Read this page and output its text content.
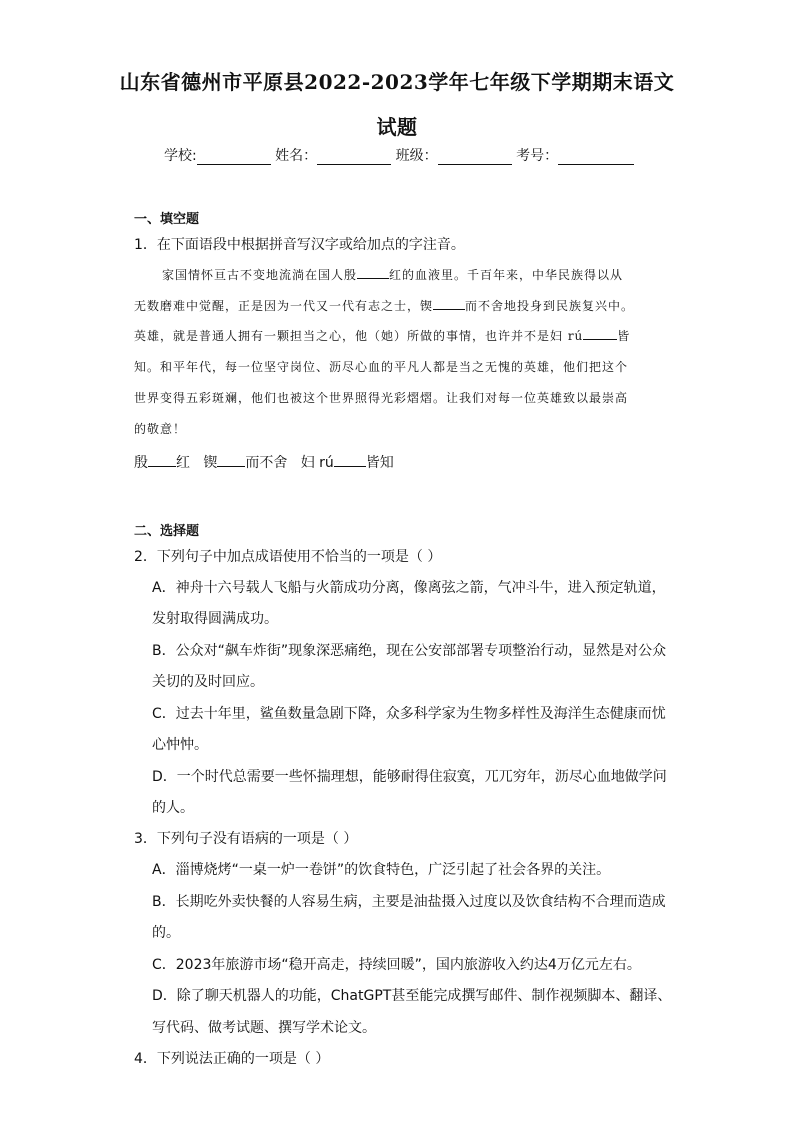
山东省德州市平原县2022-2023学年七年级下学期期末语文
试题
学校:	姓名：	班级：	考号：
一、填空题
1．在下面语段中根据拼音写汉字或给加点的字注音。
家国情怀亘古不变地流淌在国人殷	红的血液里。千百年来，中华民族得以从
无数磨难中觉醒，正是因为一代又一代有志之士，锲	而不舍地投身到民族复兴中。
英雄，就是普通人拥有一颗担当之心，他（她）所做的事情，也许并不是妇 rú	皆
知。和平年代，每一位坚守岗位、沥尽心血的平凡人都是当之无愧的英雄，他们把这个
世界变得五彩斑斓，他们也被这个世界照得光彩熠熠。让我们对每一位英雄致以最崇高
的敬意！
殷 红 锲 而不舍 妇 rú 皆知
二、选择题
2．下列句子中加点成语使用不恰当的一项是（ ）
A．神舟十六号载人飞船与火箭成功分离，像离弦之箭，气冲斗牛，进入预定轨道，
发射取得圆满成功。
B．公众对“飙车炸街”现象深恶痛绝，现在公安部部署专项整治行动，显然是对公众
关切的及时回应。
C．过去十年里，鲨鱼数量急剧下降，众多科学家为生物多样性及海洋生态健康而忧
心忡忡。
D．一个时代总需要一些怀揣理想，能够耐得住寂寞，兀兀穷年，沥尽心血地做学问
的人。
3．下列句子没有语病的一项是（ ）
A．淄博烧烤“一桌一炉一卷饼”的饮食特色，广泛引起了社会各界的关注。
B．长期吃外卖快餐的人容易生病，主要是油盐摄入过度以及饮食结构不合理而造成
的。
C．2023年旅游市场“稳开高走，持续回暖”，国内旅游收入约达4万亿元左右。
D．除了聊天机器人的功能，ChatGPT甚至能完成撰写邮件、制作视频脚本、翻译、
写代码、做考试题、撰写学术论文。
4．下列说法正确的一项是（ ）
